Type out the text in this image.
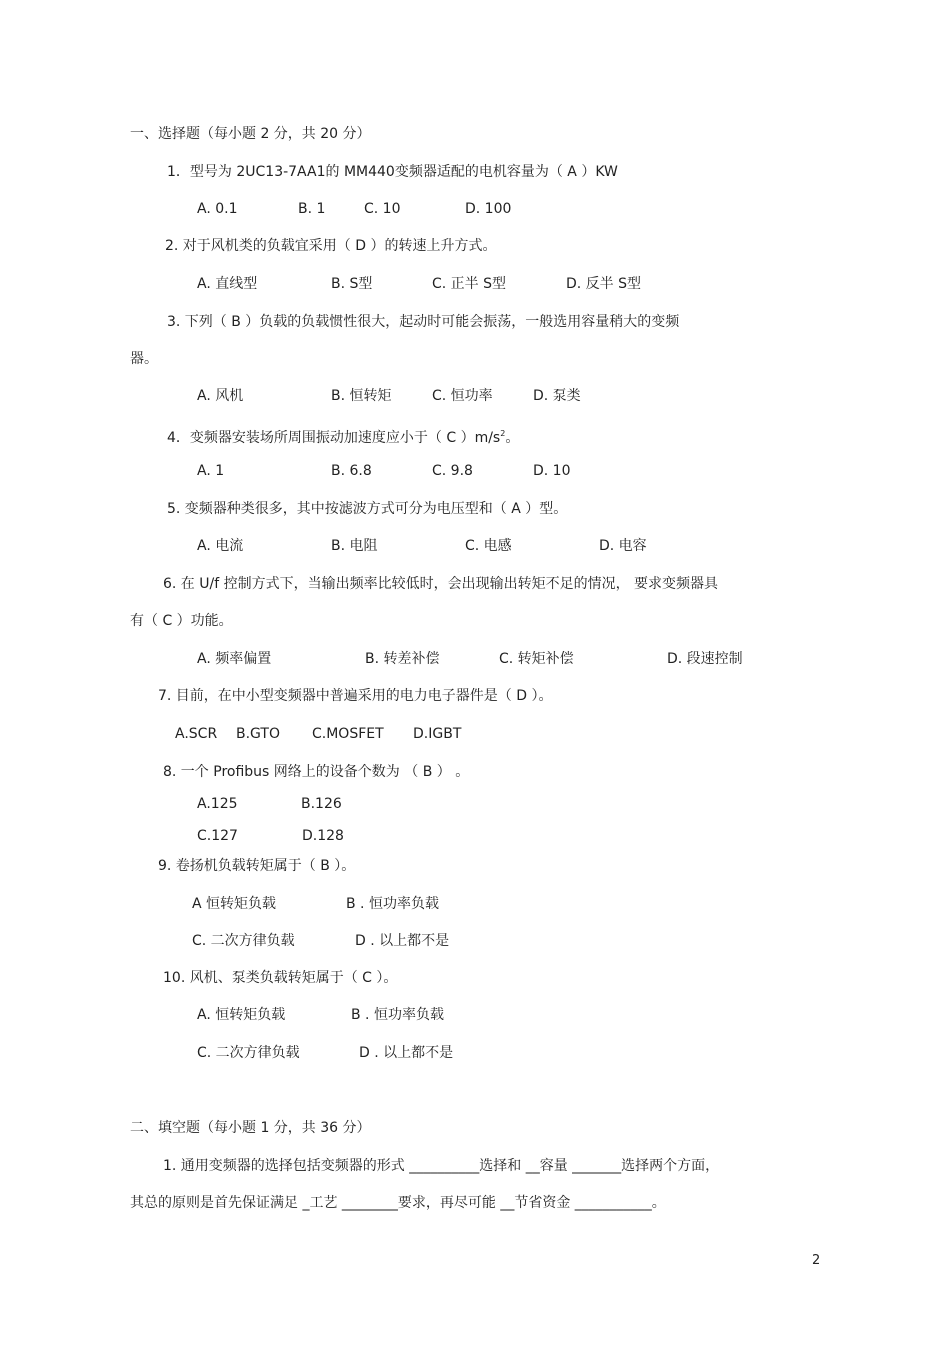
一、选择题（每小题 2 分，共 20 分）
1．型号为 2UC13-7AA1的 MM440变频器适配的电机容量为（ A ）KW
A. 0.1	B. 1	C. 10	D. 100
2. 对于风机类的负载宜采用（ D ）的转速上升方式。
A. 直线型	B. S型	C. 正半 S型	D. 反半 S型
3. 下列（ B ）负载的负载惯性很大，起动时可能会振荡，一般选用容量稍大的变频
器。
A. 风机	B. 恒转矩	C. 恒功率	D. 泵类
4．变频器安装场所周围振动加速度应小于（ C ）$m/s^2$。
A. 1	B. 6.8	C. 9.8	D. 10
5. 变频器种类很多，其中按滤波方式可分为电压型和（ A ）型。
A. 电流	B. 电阻	C. 电感	D. 电容
6. 在 U/f 控制方式下，当输出频率比较低时，会出现输出转矩不足的情况， 要求变频器具
有（ C ）功能。
A. 频率偏置	B. 转差补偿	C. 转矩补偿	D. 段速控制
7. 目前，在中小型变频器中普遍采用的电力电子器件是（ D ）。
A.SCR B.GTO C.MOSFET D.IGBT
8. 一个 Profibus 网络上的设备个数为 （ B ） 。
A.125	B.126
C.127	D.128
9. 卷扬机负载转矩属于（ B ）。
A 恒转矩负载	B . 恒功率负载
C. 二次方律负载	D . 以上都不是
10. 风机、泵类负载转矩属于（ C ）。
A. 恒转矩负载	B . 恒功率负载
C. 二次方律负载	D . 以上都不是
二、填空题（每小题 1 分，共 36 分）
1. 通用变频器的选择包括变频器的形式 __________选择和 __容量 _______选择两个方面，
其总的原则是首先保证满足 _工艺 ________要求，再尽可能 __节省资金 ___________。
2
